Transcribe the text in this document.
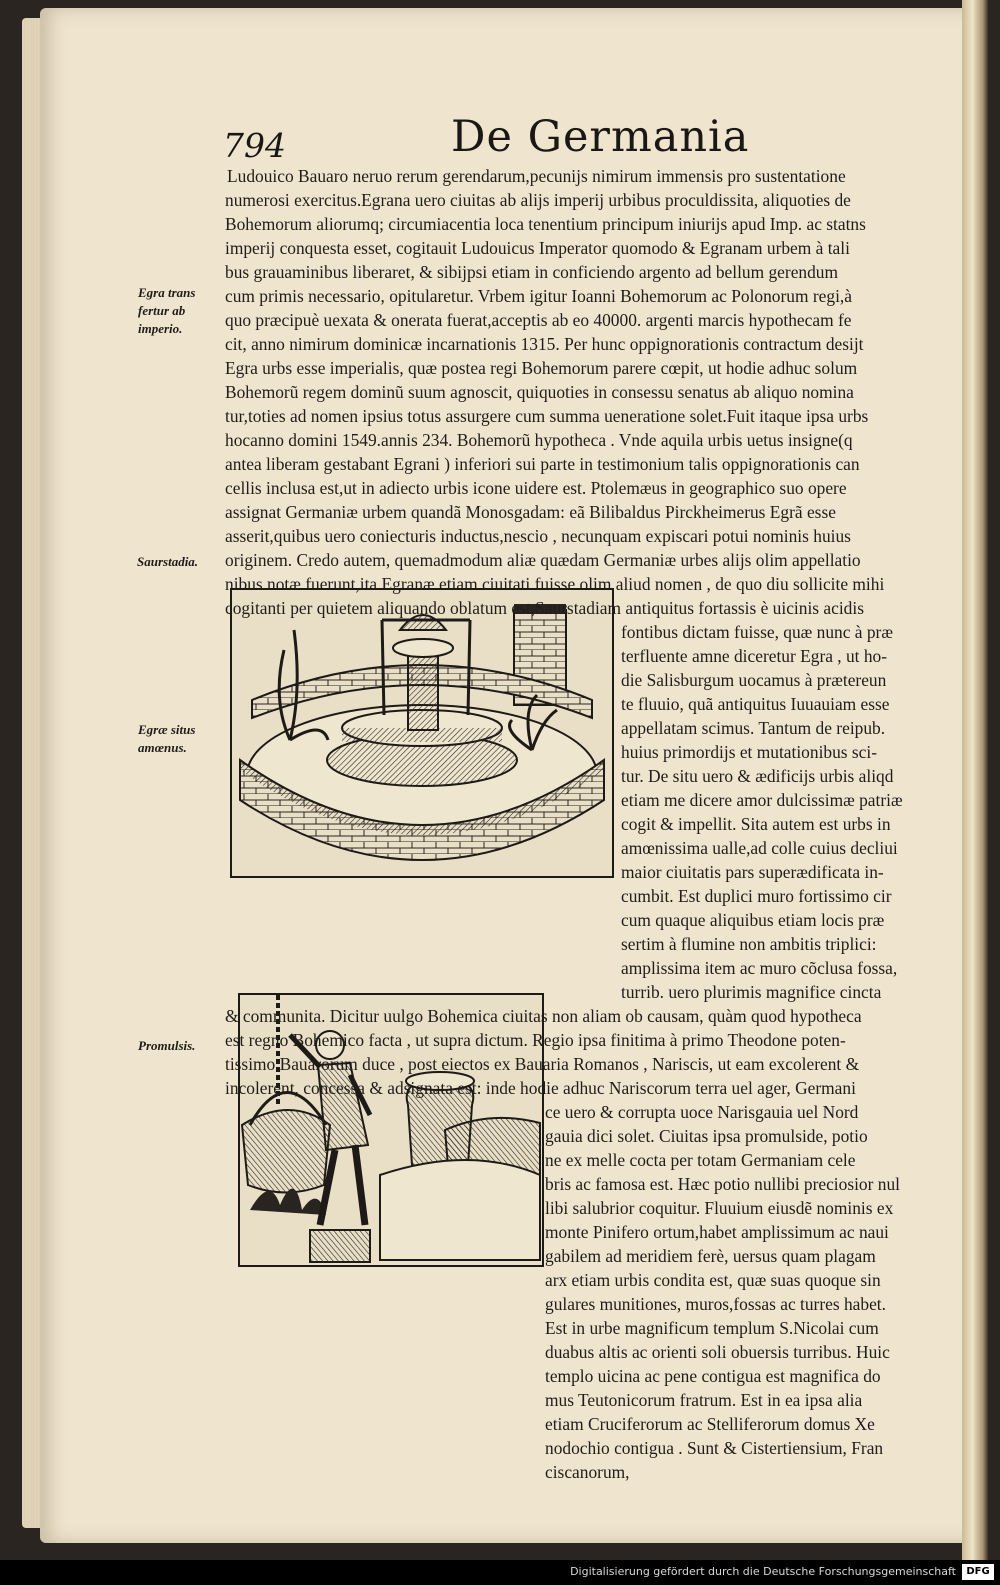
794	De Germania
Egra trans fertur ab imperio.
Saurstadia.
Egræ situs amœnus.
Promulsis.
Ludouico Bauaro neruo rerum gerendarum,pecunijs nimirum immensis pro sustentatione
numerosi exercitus.Egrana uero ciuitas ab alijs imperij urbibus proculdissita, aliquoties de
Bohemorum aliorumq; circumiacentia loca tenentium principum iniurijs apud Imp. ac statns
imperij conquesta esset, cogitauit Ludouicus Imperator quomodo & Egranam urbem à tali
bus grauaminibus liberaret, & sibijpsi etiam in conficiendo argento ad bellum gerendum
cum primis necessario, opitularetur. Vrbem igitur Ioanni Bohemorum ac Polonorum regi,à
quo præcipuè uexata & onerata fuerat,acceptis ab eo 40000. argenti marcis hypothecam fe
cit, anno nimirum dominicæ incarnationis 1315. Per hunc oppignorationis contractum desijt
Egra urbs esse imperialis, quæ postea regi Bohemorum parere cœpit, ut hodie adhuc solum
Bohemorũ regem dominũ suum agnoscit, quiquoties in consessu senatus ab aliquo nomina
tur,toties ad nomen ipsius totus assurgere cum summa ueneratione solet.Fuit itaque ipsa urbs
hocanno domini 1549.annis 234. Bohemorũ hypotheca . Vnde aquila urbis uetus insigne(q
antea liberam gestabant Egrani ) inferiori sui parte in testimonium talis oppignorationis can
cellis inclusa est,ut in adiecto urbis icone uidere est. Ptolemæus in geographico suo opere
assignat Germaniæ urbem quandã Monosgadam: eã Bilibaldus Pirckheimerus Egrã esse
asserit,quibus uero coniecturis inductus,nescio , necunquam expiscari potui nominis huius
originem. Credo autem, quemadmodum aliæ quædam Germaniæ urbes alijs olim appellatio
nibus notæ fuerunt,ita Egranæ etiam ciuitati fuisse olim aliud nomen , de quo diu sollicite mihi
cogitanti per quietem aliquando oblatum est,Saurstadiam antiquitus fortassis è uicinis acidis
fontibus dictam fuisse, quæ nunc à præ
terfluente amne diceretur Egra , ut ho-
die Salisburgum uocamus à prætereun
te fluuio, quã antiquitus Iuuauiam esse
appellatam scimus. Tantum de reipub.
huius primordijs et mutationibus sci-
tur. De situ uero & ædificijs urbis aliqd
etiam me dicere amor dulcissimæ patriæ
cogit & impellit. Sita autem est urbs in
amœnissima ualle,ad colle cuius decliui
maior ciuitatis pars superædificata in-
cumbit. Est duplici muro fortissimo cir
cum quaque aliquibus etiam locis præ
sertim à flumine non ambitis triplici:
amplissima item ac muro cõclusa fossa,
turrib. uero plurimis magnifice cincta
& communita. Dicitur uulgo Bohemica ciuitas non aliam ob causam, quàm quod hypotheca
est regno Bohemico facta , ut supra dictum. Regio ipsa finitima à primo Theodone poten-
tissimo Bauarorum duce , post eiectos ex Bauaria Romanos , Nariscis, ut eam excolerent &
incolerent, concessa & adsignata est: inde hodie adhuc Nariscorum terra uel ager, Germani
ce uero & corrupta uoce Narisgauia uel Nord
gauia dici solet. Ciuitas ipsa promulside, potio
ne ex melle cocta per totam Germaniam cele
bris ac famosa est. Hæc potio nullibi preciosior nul
libi salubrior coquitur. Fluuium eiusdẽ nominis ex
monte Pinifero ortum,habet amplissimum ac naui
gabilem ad meridiem ferè, uersus quam plagam
arx etiam urbis condita est, quæ suas quoque sin
gulares munitiones, muros,fossas ac turres habet.
Est in urbe magnificum templum S.Nicolai cum
duabus altis ac orienti soli obuersis turribus. Huic
templo uicina ac pene contigua est magnifica do
mus Teutonicorum fratrum. Est in ea ipsa alia
etiam Cruciferorum ac Stelliferorum domus Xe
nodochio contigua . Sunt & Cistertiensium, Fran
ciscanorum,
Digitalisierung gefördert durch die Deutsche Forschungsgemeinschaft	DFG
